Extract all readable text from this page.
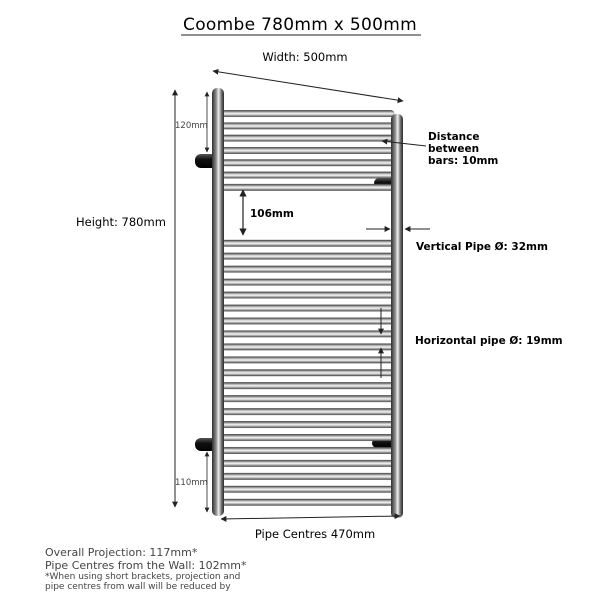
Coombe 780mm x 500mm
Width: 500mm
Height: 780mm
120mm
110mm
106mm
Distance
between
bars: 10mm
Vertical Pipe Ø: 32mm
Horizontal pipe Ø: 19mm
Pipe Centres 470mm
Overall Projection: 117mm*
Pipe Centres from the Wall: 102mm*
*When using short brackets, projection and
pipe centres from wall will be reduced by
